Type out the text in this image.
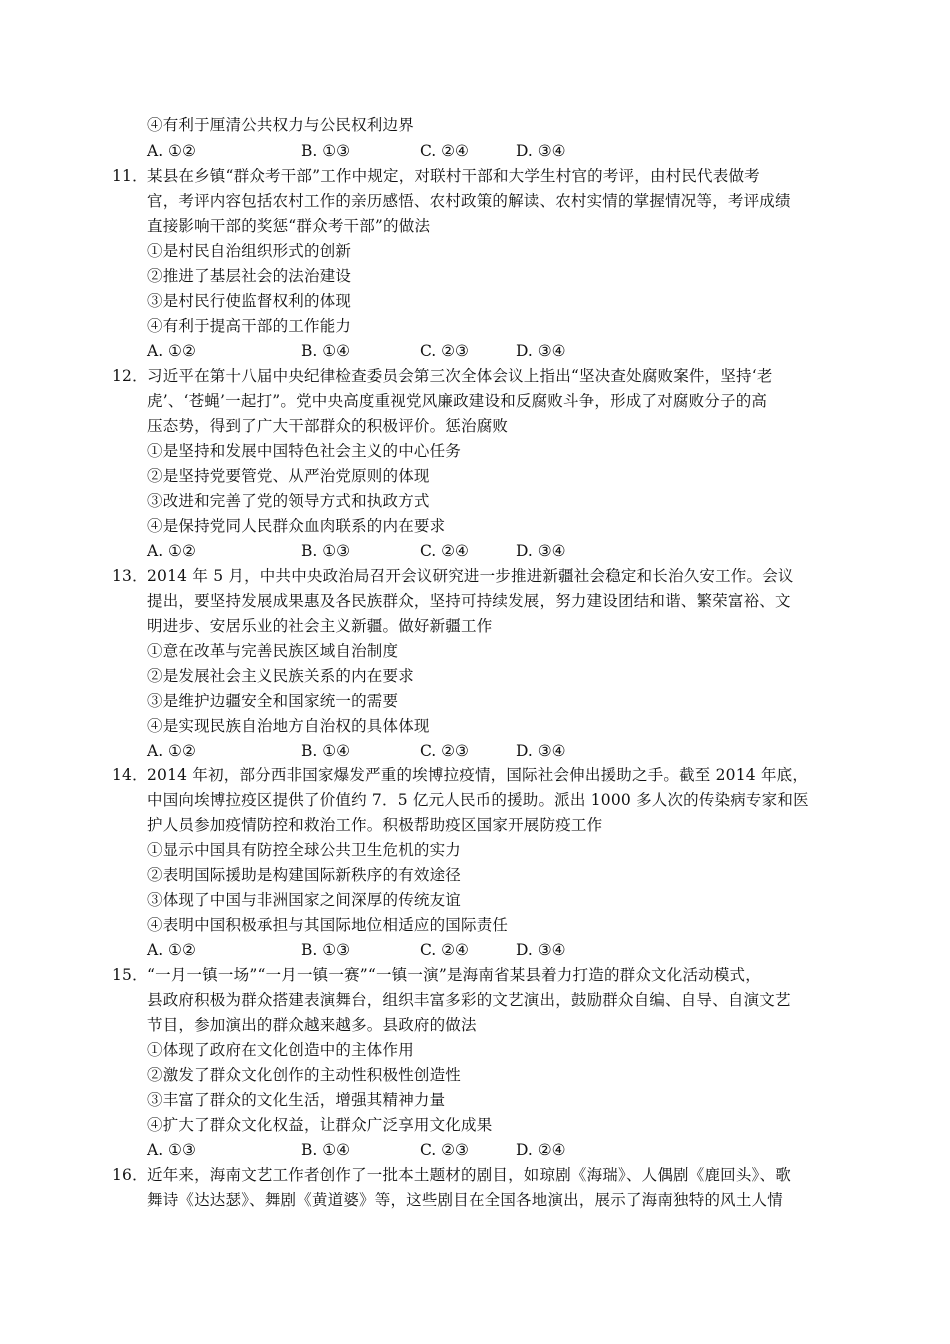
④有利于厘清公共权力与公民权利边界
A. ①②	B. ①③	C. ②④	D. ③④
11． 某县在乡镇“群众考干部”工作中规定，对联村干部和大学生村官的考评，由村民代表做考
官，考评内容包括农村工作的亲历感悟、农村政策的解读、农村实情的掌握情况等，考评成绩
直接影响干部的奖惩“群众考干部”的做法
①是村民自治组织形式的创新
②推进了基层社会的法治建设
③是村民行使监督权利的体现
④有利于提高干部的工作能力
A. ①②	B. ①④	C. ②③	D. ③④
12． 习近平在第十八届中央纪律检查委员会第三次全体会议上指出“坚决查处腐败案件，坚持‘老
虎’、‘苍蝇’一起打”。党中央高度重视党风廉政建设和反腐败斗争，形成了对腐败分子的高
压态势，得到了广大干部群众的积极评价。惩治腐败
①是坚持和发展中国特色社会主义的中心任务
②是坚持党要管党、从严治党原则的体现
③改进和完善了党的领导方式和执政方式
④是保持党同人民群众血肉联系的内在要求
A. ①②	B. ①③	C. ②④	D. ③④
13． 2014 年 5 月，中共中央政治局召开会议研究进一步推进新疆社会稳定和长治久安工作。会议
提出，要坚持发展成果惠及各民族群众，坚持可持续发展，努力建设团结和谐、繁荣富裕、文
明进步、安居乐业的社会主义新疆。做好新疆工作
①意在改革与完善民族区域自治制度
②是发展社会主义民族关系的内在要求
③是维护边疆安全和国家统一的需要
④是实现民族自治地方自治权的具体体现
A. ①②	B. ①④	C. ②③	D. ③④
14． 2014 年初，部分西非国家爆发严重的埃博拉疫情，国际社会伸出援助之手。截至 2014 年底，
中国向埃博拉疫区提供了价值约 7．5 亿元人民币的援助。派出 1000 多人次的传染病专家和医
护人员参加疫情防控和救治工作。积极帮助疫区国家开展防疫工作
①显示中国具有防控全球公共卫生危机的实力
②表明国际援助是构建国际新秩序的有效途径
③体现了中国与非洲国家之间深厚的传统友谊
④表明中国积极承担与其国际地位相适应的国际责任
A. ①②	B. ①③	C. ②④	D. ③④
15． “一月一镇一场”“一月一镇一赛”“一镇一演”是海南省某县着力打造的群众文化活动模式，
县政府积极为群众搭建表演舞台，组织丰富多彩的文艺演出，鼓励群众自编、自导、自演文艺
节目，参加演出的群众越来越多。县政府的做法
①体现了政府在文化创造中的主体作用
②激发了群众文化创作的主动性积极性创造性
③丰富了群众的文化生活，增强其精神力量
④扩大了群众文化权益，让群众广泛享用文化成果
A. ①③	B. ①④	C. ②③	D. ②④
16． 近年来，海南文艺工作者创作了一批本土题材的剧目，如琼剧《海瑞》、人偶剧《鹿回头》、歌
舞诗《达达瑟》、舞剧《黄道婆》等，这些剧目在全国各地演出，展示了海南独特的风土人情
